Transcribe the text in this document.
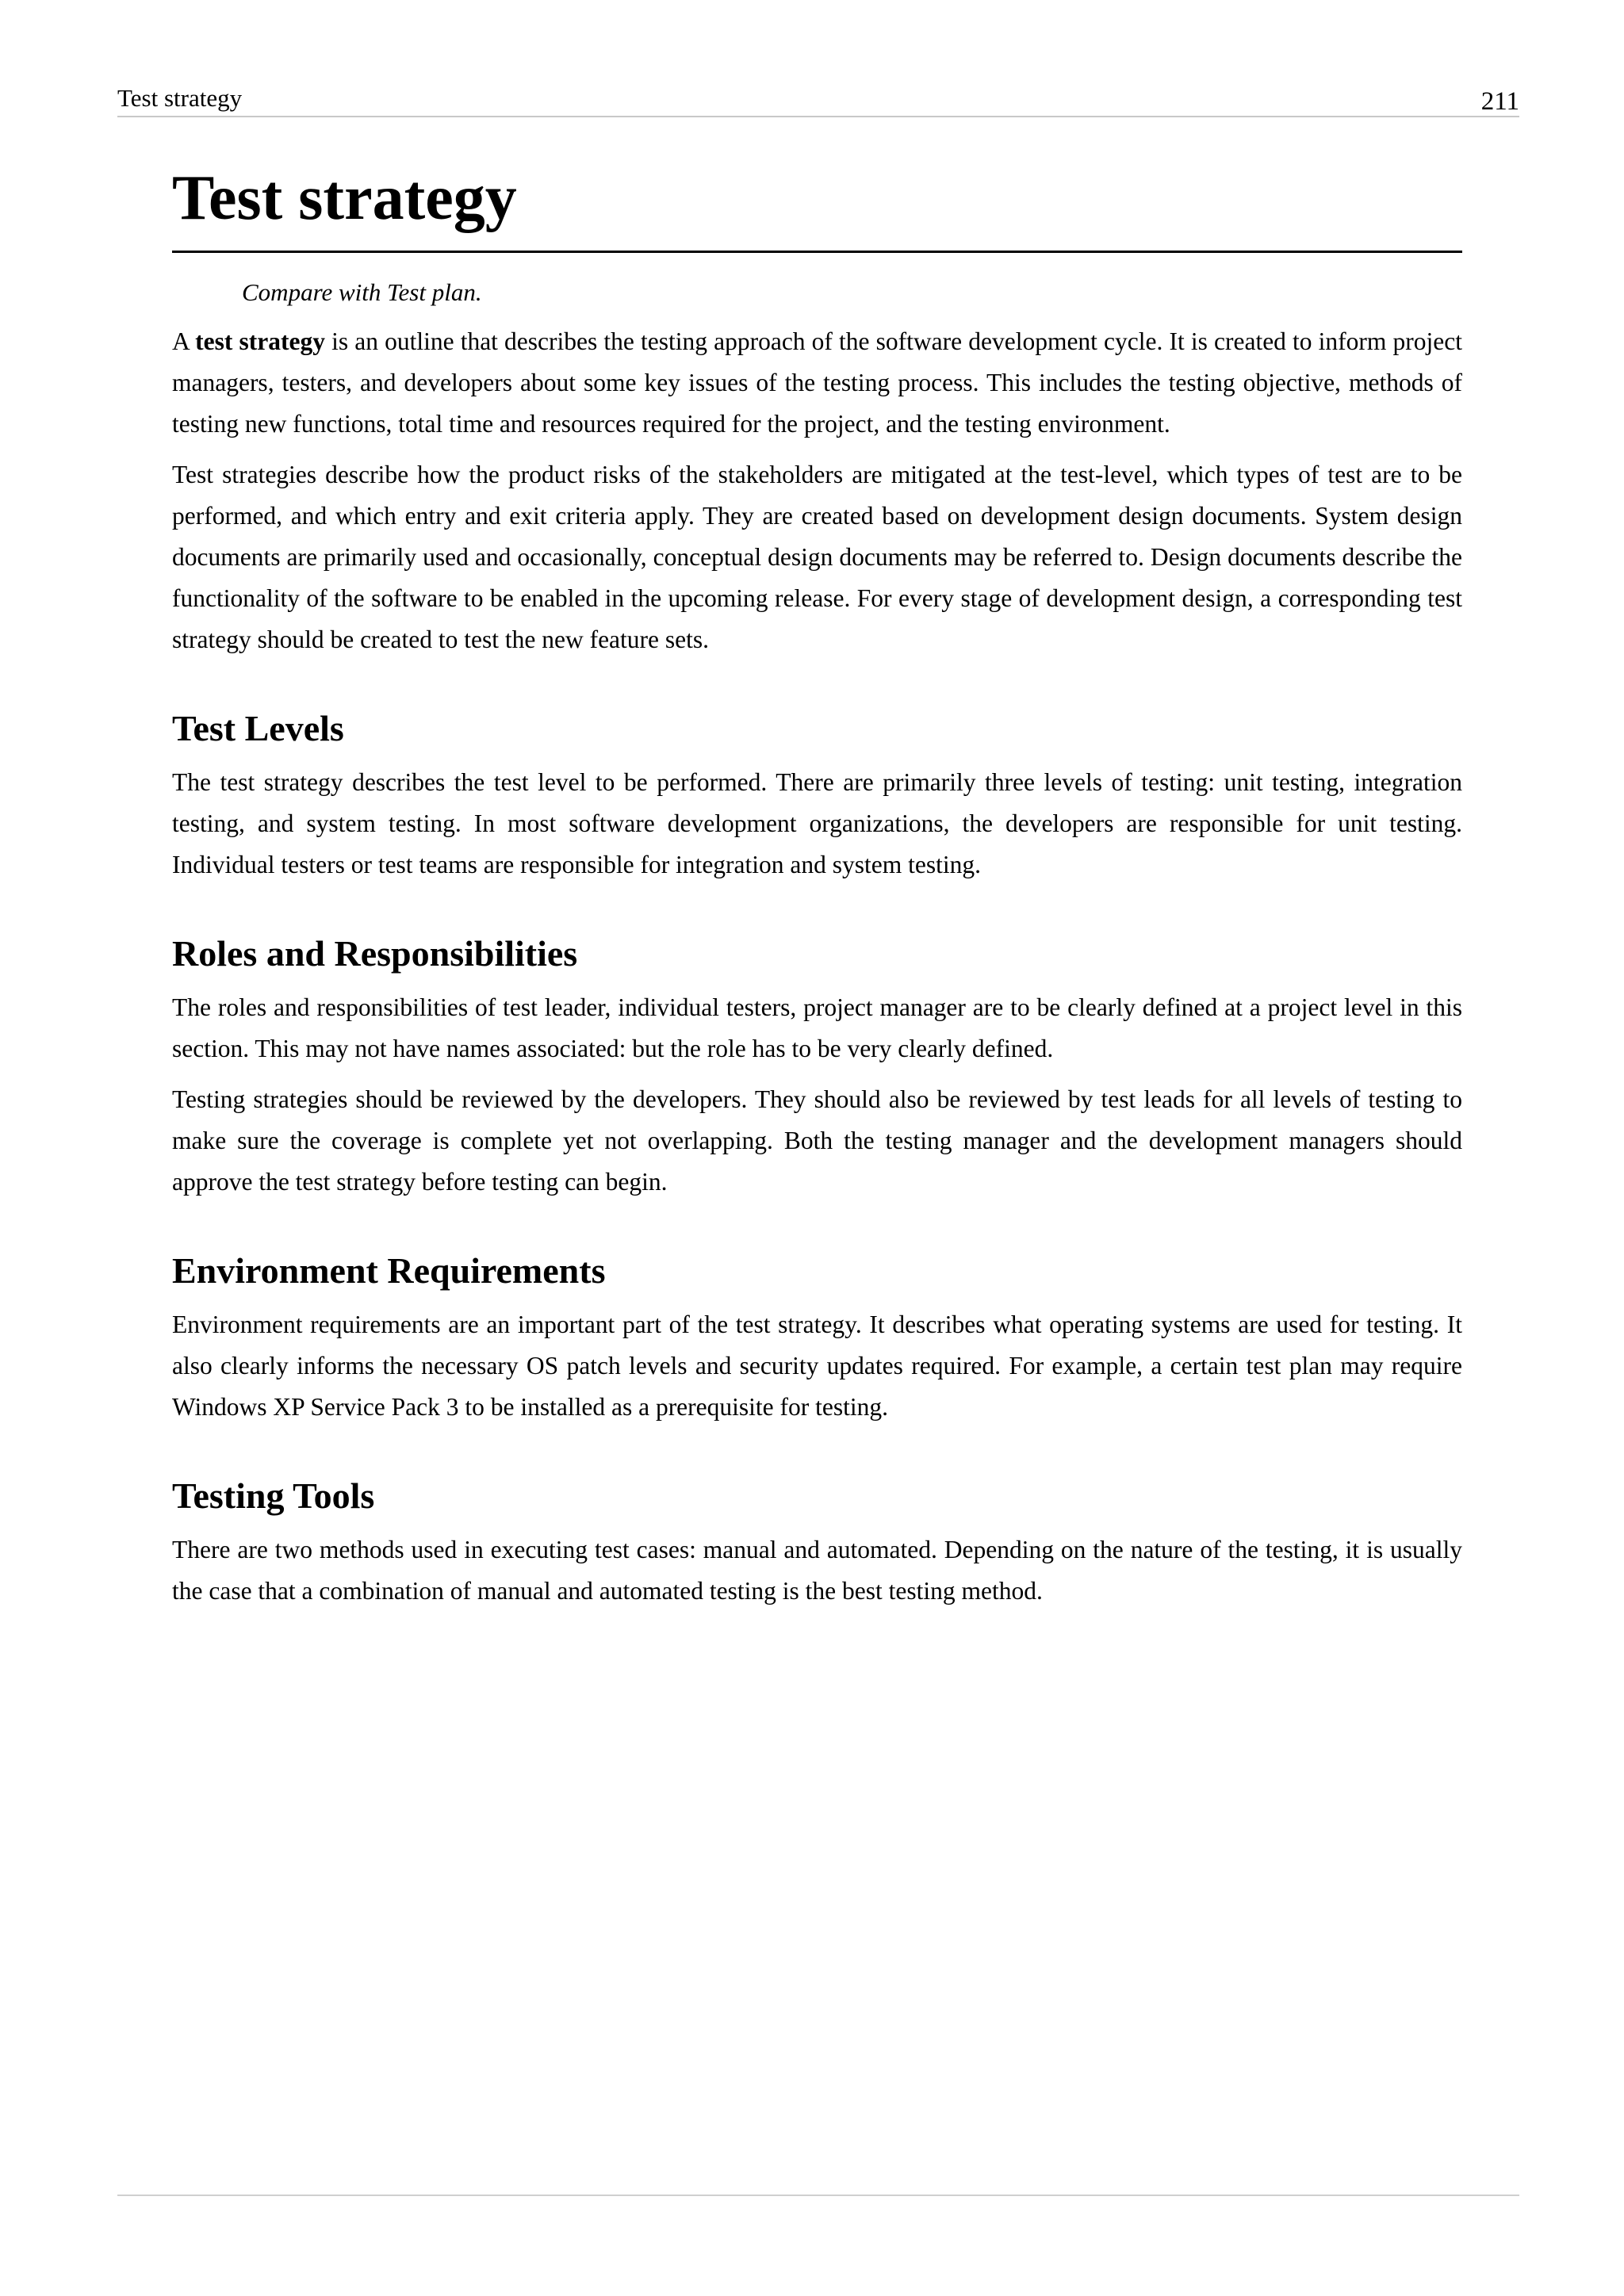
Test strategy	211
Test strategy
Compare with Test plan.

A test strategy is an outline that describes the testing approach of the software development cycle. It is created to inform project managers, testers, and developers about some key issues of the testing process. This includes the testing objective, methods of testing new functions, total time and resources required for the project, and the testing environment.

Test strategies describe how the product risks of the stakeholders are mitigated at the test-level, which types of test are to be performed, and which entry and exit criteria apply. They are created based on development design documents. System design documents are primarily used and occasionally, conceptual design documents may be referred to. Design documents describe the functionality of the software to be enabled in the upcoming release. For every stage of development design, a corresponding test strategy should be created to test the new feature sets.

Test Levels

The test strategy describes the test level to be performed. There are primarily three levels of testing: unit testing, integration testing, and system testing. In most software development organizations, the developers are responsible for unit testing. Individual testers or test teams are responsible for integration and system testing.

Roles and Responsibilities

The roles and responsibilities of test leader, individual testers, project manager are to be clearly defined at a project level in this section. This may not have names associated: but the role has to be very clearly defined.

Testing strategies should be reviewed by the developers. They should also be reviewed by test leads for all levels of testing to make sure the coverage is complete yet not overlapping. Both the testing manager and the development managers should approve the test strategy before testing can begin.

Environment Requirements

Environment requirements are an important part of the test strategy. It describes what operating systems are used for testing. It also clearly informs the necessary OS patch levels and security updates required. For example, a certain test plan may require Windows XP Service Pack 3 to be installed as a prerequisite for testing.

Testing Tools

There are two methods used in executing test cases: manual and automated. Depending on the nature of the testing, it is usually the case that a combination of manual and automated testing is the best testing method.
